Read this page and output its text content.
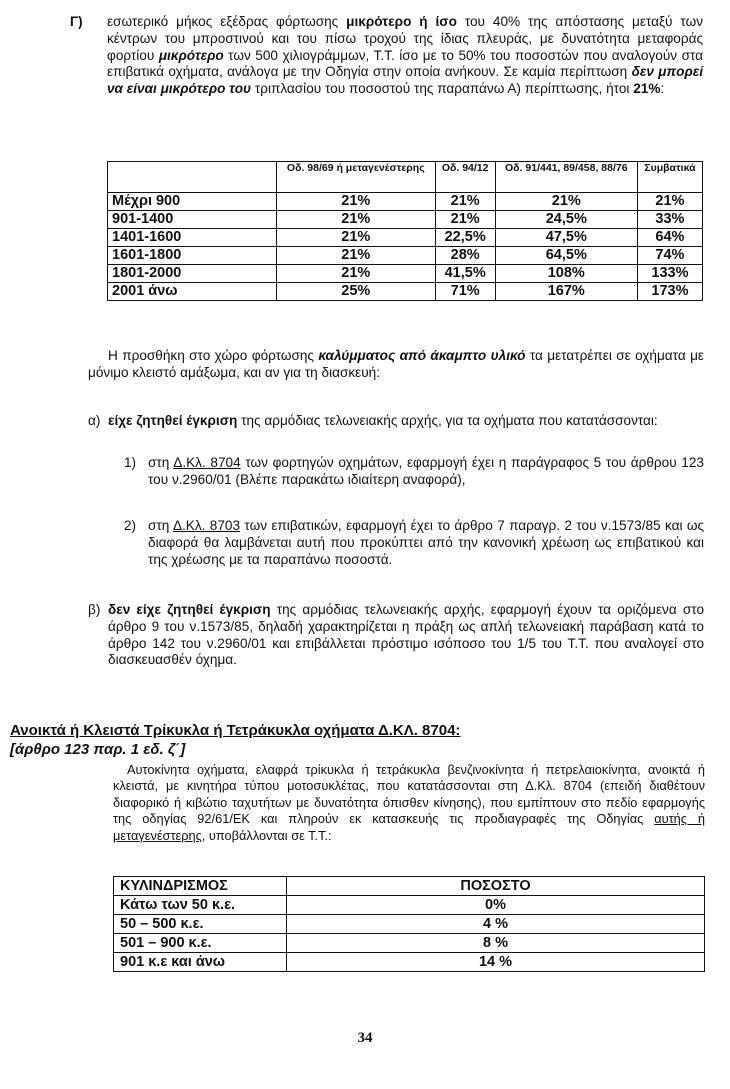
Γ)	εσωτερικό μήκος εξέδρας φόρτωσης μικρότερο ή ίσο του 40% της απόστασης μεταξύ των κέντρων του μπροστινού και του πίσω τροχού της ίδιας πλευράς, με δυνατότητα μεταφοράς φορτίου μικρότερο των 500 χιλιογράμμων, Τ.Τ. ίσο με το 50% του ποσοστών που αναλογούν στα επιβατικά οχήματα, ανάλογα με την Οδηγία στην οποία ανήκουν. Σε καμία περίπτωση δεν μπορεί να είναι μικρότερο του τριπλασίου του ποσοστού της παραπάνω Α) περίπτωσης, ήτοι 21%:
	Οδ. 98/69 ή μεταγενέστερης	Οδ. 94/12	Οδ. 91/441, 89/458, 88/76	Συμβατικά
Μέχρι 900	21%	21%	21%	21%
901-1400	21%	21%	24,5%	33%
1401-1600	21%	22,5%	47,5%	64%
1601-1800	21%	28%	64,5%	74%
1801-2000	21%	41,5%	108%	133%
2001 άνω	25%	71%	167%	173%
Η προσθήκη στο χώρο φόρτωσης καλύμματος από άκαμπτο υλικό τα μετατρέπει σε οχήματα με μόνιμο κλειστό αμάξωμα, και αν για τη διασκευή:
α) είχε ζητηθεί έγκριση της αρμόδιας τελωνειακής αρχής, για τα οχήματα που κατατάσσονται:
1) στη Δ.Κλ. 8704 των φορτηγών οχημάτων, εφαρμογή έχει η παράγραφος 5 του άρθρου 123 του ν.2960/01 (Βλέπε παρακάτω ιδιαίτερη αναφορά),
2) στη Δ.Κλ. 8703 των επιβατικών, εφαρμογή έχει το άρθρο 7 παραγρ. 2 του ν.1573/85 και ως διαφορά θα λαμβάνεται αυτή που προκύπτει από την κανονική χρέωση ως επιβατικού και της χρέωσης με τα παραπάνω ποσοστά.
β) δεν είχε ζητηθεί έγκριση της αρμόδιας τελωνειακής αρχής, εφαρμογή έχουν τα οριζόμενα στο άρθρο 9 του ν.1573/85, δηλαδή χαρακτηρίζεται η πράξη ως απλή τελωνειακή παράβαση κατά το άρθρο 142 του ν.2960/01 και επιβάλλεται πρόστιμο ισόποσο του 1/5 του Τ.Τ. που αναλογεί στο διασκευασθέν όχημα.
Ανοικτά ή Κλειστά Τρίκυκλα ή Τετράκυκλα οχήματα Δ.ΚΛ. 8704:
[άρθρο 123 παρ. 1 εδ. ζ΄]
Αυτοκίνητα οχήματα, ελαφρά τρίκυκλα ή τετράκυκλα βενζινοκίνητα ή πετρελαιοκίνητα, ανοικτά ή κλειστά, με κινητήρα τύπου μοτοσυκλέτας, που κατατάσσονται στη Δ.Κλ. 8704 (επειδή διαθέτουν διαφορικό ή κιβώτιο ταχυτήτων με δυνατότητα όπισθεν κίνησης), που εμπίπτουν στο πεδίο εφαρμογής της οδηγίας 92/61/ΕΚ και πληρούν εκ κατασκευής τις προδιαγραφές της Οδηγίας αυτής ή μεταγενέστερης, υποβάλλονται σε Τ.Τ.:
ΚΥΛΙΝΔΡΙΣΜΟΣ	ΠΟΣΟΣΤΟ
Κάτω των 50 κ.ε.	0%
50 – 500 κ.ε.	4 %
501 – 900 κ.ε.	8 %
901 κ.ε και άνω	14 %
34
